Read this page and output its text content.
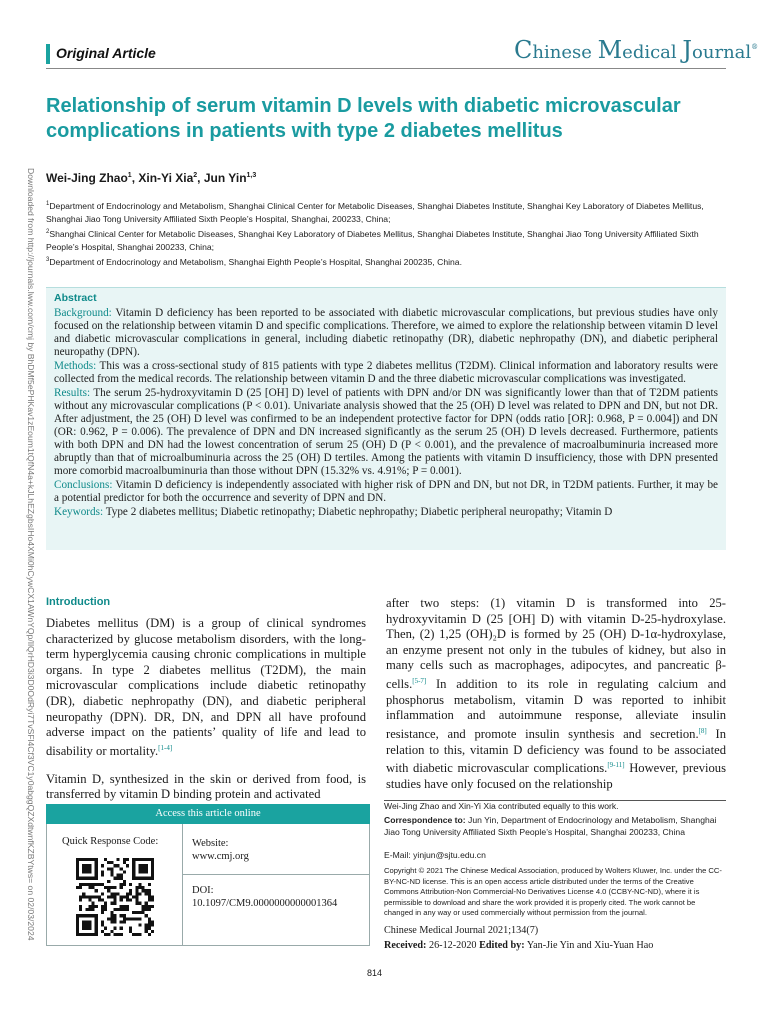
Original Article	Chinese Medical Journal®
Relationship of serum vitamin D levels with diabetic microvascular complications in patients with type 2 diabetes mellitus
Downloaded from http://journals.lww.com/cmj by BhDMf5ePHKav1zEoum1tQfN4a+kJLhEZgbsIHo4XMi0hCywCX1AWnYQp/IlQrHD3i3D0OdRyi7TvSFl4Cf3VC1y0abggQZXdtwnfKZBYtws= on 02/03/2024 Wei-Jing Zhao$^1$, Xin-Yi Xia$^2$, Jun Yin$^{1,3}$
$^1$Department of Endocrinology and Metabolism, Shanghai Clinical Center for Metabolic Diseases, Shanghai Diabetes Institute, Shanghai Key Laboratory of Diabetes Mellitus, Shanghai Jiao Tong University Affiliated Sixth People’s Hospital, Shanghai, 200233, China;
$^2$Shanghai Clinical Center for Metabolic Diseases, Shanghai Key Laboratory of Diabetes Mellitus, Shanghai Diabetes Institute, Shanghai Jiao Tong University Affiliated Sixth People’s Hospital, Shanghai 200233, China;
$^3$Department of Endocrinology and Metabolism, Shanghai Eighth People’s Hospital, Shanghai 200235, China.
Abstract

Background: Vitamin D deficiency has been reported to be associated with diabetic microvascular complications, but previous studies have only focused on the relationship between vitamin D and specific complications. Therefore, we aimed to explore the relationship between vitamin D level and diabetic microvascular complications in general, including diabetic retinopathy (DR), diabetic nephropathy (DN), and diabetic peripheral neuropathy (DPN).

Methods: This was a cross-sectional study of 815 patients with type 2 diabetes mellitus (T2DM). Clinical information and laboratory results were collected from the medical records. The relationship between vitamin D and the three diabetic microvascular complications was investigated.

Results: The serum 25-hydroxyvitamin D (25 [OH] D) level of patients with DPN and/or DN was significantly lower than that of T2DM patients without any microvascular complications (P < 0.01). Univariate analysis showed that the 25 (OH) D level was related to DPN and DN, but not DR. After adjustment, the 25 (OH) D level was confirmed to be an independent protective factor for DPN (odds ratio [OR]: 0.968, P = 0.004]) and DN (OR: 0.962, P = 0.006). The prevalence of DPN and DN increased significantly as the serum 25 (OH) D levels decreased. Furthermore, patients with both DPN and DN had the lowest concentration of serum 25 (OH) D (P < 0.001), and the prevalence of macroalbuminuria increased more abruptly than that of microalbuminuria across the 25 (OH) D tertiles. Among the patients with vitamin D insufficiency, those with DPN presented more comorbid macroalbuminuria than those without DPN (15.32% vs. 4.91%; P = 0.001).

Conclusions: Vitamin D deficiency is independently associated with higher risk of DPN and DN, but not DR, in T2DM patients. Further, it may be a potential predictor for both the occurrence and severity of DPN and DN.

Keywords: Type 2 diabetes mellitus; Diabetic retinopathy; Diabetic nephropathy; Diabetic peripheral neuropathy; Vitamin D

Introduction

Diabetes mellitus (DM) is a group of clinical syndromes characterized by glucose metabolism disorders, with the long-term hyperglycemia causing chronic complications in multiple organs. In type 2 diabetes mellitus (T2DM), the main microvascular complications include diabetic retinopathy (DR), diabetic nephropathy (DN), and diabetic peripheral neuropathy (DPN). DR, DN, and DPN all have profound adverse impact on the patients’ quality of life and lead to disability or mortality.[1-4]

Vitamin D, synthesized in the skin or derived from food, is transferred by vitamin D binding protein and activated

after two steps: (1) vitamin D is transformed into 25-hydroxyvitamin D (25 [OH] D) with vitamin D-25-hydroxylase. Then, (2) 1,25 (OH)₂D is formed by 25 (OH) D-1α-hydroxylase, an enzyme present not only in the tubules of kidney, but also in many cells such as macrophages, adipocytes, and pancreatic β-cells.[5-7] In addition to its role in regulating calcium and phosphorus metabolism, vitamin D was reported to inhibit inflammation and autoimmune response, alleviate insulin resistance, and promote insulin synthesis and secretion.[8] In relation to this, vitamin D deficiency was found to be associated with diabetic microvascular complications.[9-11] However, previous studies have only focused on the relationship

Access this article online
Quick Response Code:	Website:
www.cmj.org
DOI:
10.1097/CM9.0000000000001364
Wei-Jing Zhao and Xin-Yi Xia contributed equally to this work.
Correspondence to: Jun Yin, Department of Endocrinology and Metabolism, Shanghai Jiao Tong University Affiliated Sixth People’s Hospital, Shanghai 200233, China
E-Mail: yinjun@sjtu.edu.cn
Copyright © 2021 The Chinese Medical Association, produced by Wolters Kluwer, Inc. under the CC-BY-NC-ND license. This is an open access article distributed under the terms of the Creative Commons Attribution-Non Commercial-No Derivatives License 4.0 (CCBY-NC-ND), where it is permissible to download and share the work provided it is properly cited. The work cannot be changed in any way or used commercially without permission from the journal.
Chinese Medical Journal 2021;134(7)
Received: 26-12-2020 Edited by: Yan-Jie Yin and Xiu-Yuan Hao
814
